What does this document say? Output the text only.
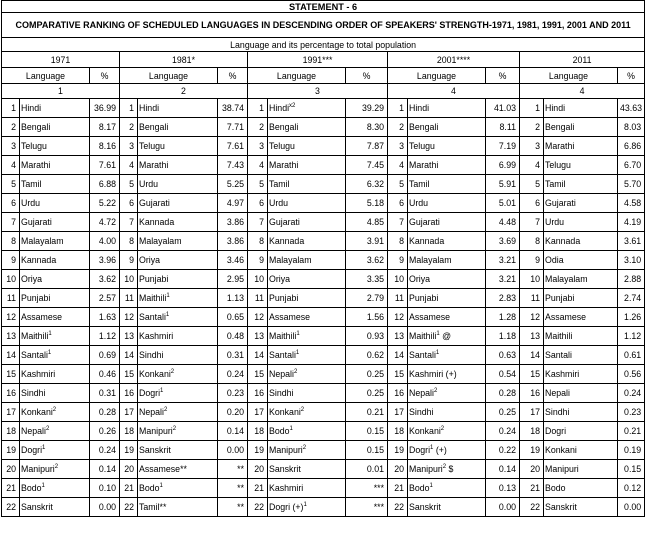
STATEMENT - 6														
COMPARATIVE RANKING OF SCHEDULED LANGUAGES IN DESCENDING ORDER OF SPEAKERS' STRENGTH-1971, 1981, 1991, 2001 AND 2011														
Language and its percentage to total population														
1971			1981*			1991***			2001****			2011		
Language		%	Language		%	Language		%	Language		%	Language		%
1			2			3			4			4		
1	Hindi	36.99	1	Hindi	38.74	1	Hindi$^{x2}$	39.29	1	Hindi	41.03	1	Hindi	43.63
2	Bengali	8.17	2	Bengali	7.71	2	Bengali	8.30	2	Bengali	8.11	2	Bengali	8.03
3	Telugu	8.16	3	Telugu	7.61	3	Telugu	7.87	3	Telugu	7.19	3	Marathi	6.86
4	Marathi	7.61	4	Marathi	7.43	4	Marathi	7.45	4	Marathi	6.99	4	Telugu	6.70
5	Tamil	6.88	5	Urdu	5.25	5	Tamil	6.32	5	Tamil	5.91	5	Tamil	5.70
6	Urdu	5.22	6	Gujarati	4.97	6	Urdu	5.18	6	Urdu	5.01	6	Gujarati	4.58
7	Gujarati	4.72	7	Kannada	3.86	7	Gujarati	4.85	7	Gujarati	4.48	7	Urdu	4.19
8	Malayalam	4.00	8	Malayalam	3.86	8	Kannada	3.91	8	Kannada	3.69	8	Kannada	3.61
9	Kannada	3.96	9	Oriya	3.46	9	Malayalam	3.62	9	Malayalam	3.21	9	Odia	3.10
10	Oriya	3.62	10	Punjabi	2.95	10	Oriya	3.35	10	Oriya	3.21	10	Malayalam	2.88
11	Punjabi	2.57	11	Maithili$^1$	1.13	11	Punjabi	2.79	11	Punjabi	2.83	11	Punjabi	2.74
12	Assamese	1.63	12	Santali$^1$	0.65	12	Assamese	1.56	12	Assamese	1.28	12	Assamese	1.26
13	Maithili$^1$	1.12	13	Kashmiri	0.48	13	Maithili$^1$	0.93	13	Maithili$^1$ @	1.18	13	Maithili	1.12
14	Santali$^1$	0.69	14	Sindhi	0.31	14	Santali$^1$	0.62	14	Santali$^1$	0.63	14	Santali	0.61
15	Kashmiri	0.46	15	Konkani$^2$	0.24	15	Nepali$^2$	0.25	15	Kashmiri (+)	0.54	15	Kashmiri	0.56
16	Sindhi	0.31	16	Dogri$^1$	0.23	16	Sindhi	0.25	16	Nepali$^2$	0.28	16	Nepali	0.24
17	Konkani$^2$	0.28	17	Nepali$^2$	0.20	17	Konkani$^2$	0.21	17	Sindhi	0.25	17	Sindhi	0.23
18	Nepali$^2$	0.26	18	Manipuri$^2$	0.14	18	Bodo$^1$	0.15	18	Konkani$^2$	0.24	18	Dogri	0.21
19	Dogri$^1$	0.24	19	Sanskrit	0.00	19	Manipuri$^2$	0.15	19	Dogri$^1$ (+)	0.22	19	Konkani	0.19
20	Manipuri$^2$	0.14	20	Assamese**	**	20	Sanskrit	0.01	20	Manipuri$^2$ $	0.14	20	Manipuri	0.15
21	Bodo$^1$	0.10	21	Bodo$^1$	**	21	Kashmiri	***	21	Bodo$^1$	0.13	21	Bodo	0.12
22	Sanskrit	0.00	22	Tamil**	**	22	Dogri $(+)^1$	***	22	Sanskrit	0.00	22	Sanskrit	0.00
